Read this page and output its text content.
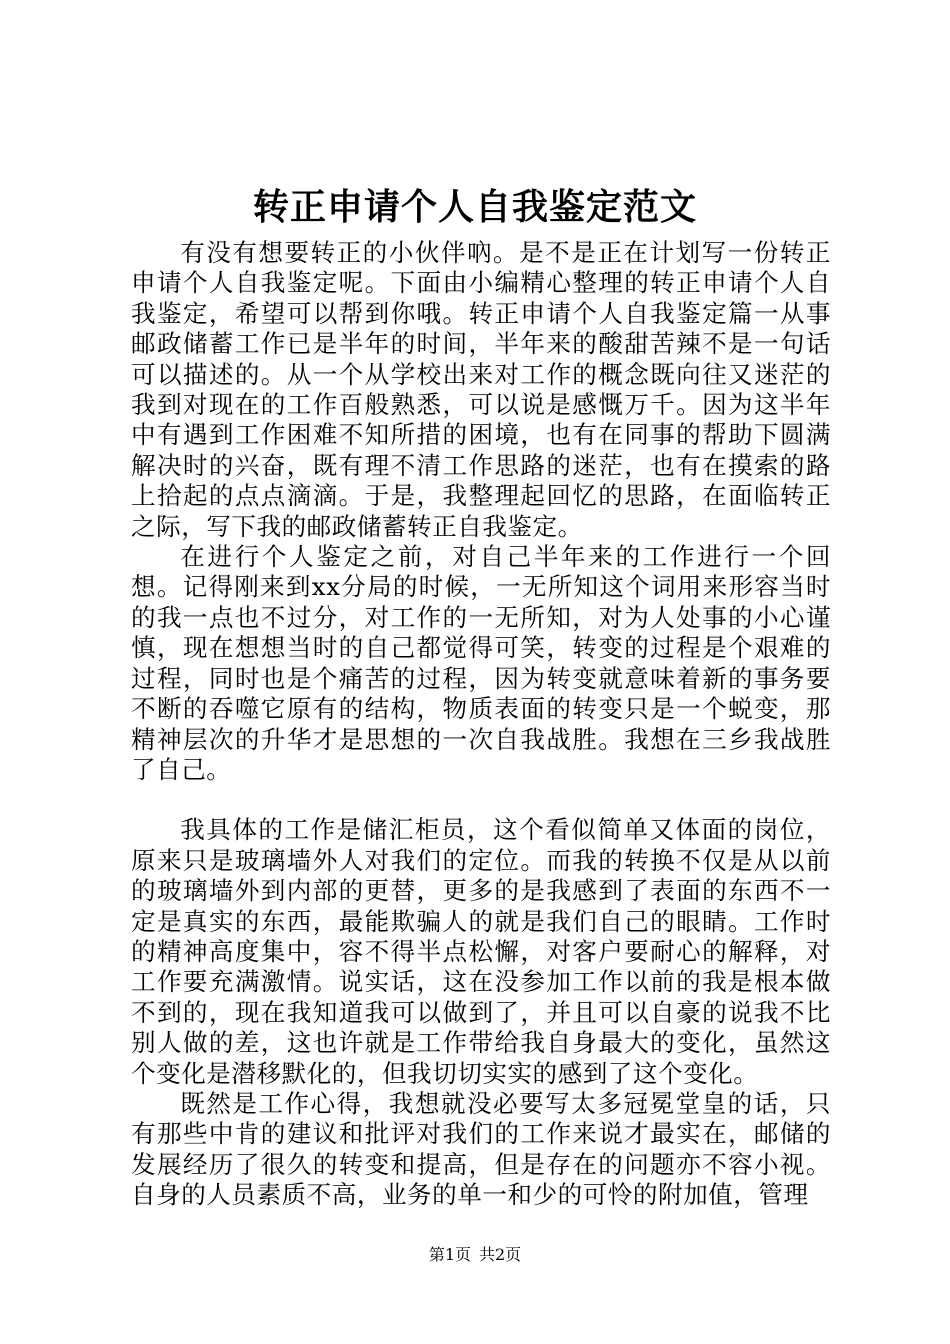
转正申请个人自我鉴定范文

有没有想要转正的小伙伴吶。是不是正在计划写一份转正申请个人自我鉴定呢。下面由小编精心整理的转正申请个人自我鉴定，希望可以帮到你哦。转正申请个人自我鉴定篇一从事邮政储蓄工作已是半年的时间，半年来的酸甜苦辣不是一句话可以描述的。从一个从学校出来对工作的概念既向往又迷茫的我到对现在的工作百般熟悉，可以说是感慨万千。因为这半年中有遇到工作困难不知所措的困境，也有在同事的帮助下圆满解决时的兴奋，既有理不清工作思路的迷茫，也有在摸索的路上拾起的点点滴滴。于是，我整理起回忆的思路，在面临转正之际，写下我的邮政储蓄转正自我鉴定。

在进行个人鉴定之前，对自己半年来的工作进行一个回想。记得刚来到xx分局的时候，一无所知这个词用来形容当时的我一点也不过分，对工作的一无所知，对为人处事的小心谨慎，现在想想当时的自己都觉得可笑，转变的过程是个艰难的过程，同时也是个痛苦的过程，因为转变就意味着新的事务要不断的吞噬它原有的结构，物质表面的转变只是一个蜕变，那精神层次的升华才是思想的一次自我战胜。我想在三乡我战胜了自己。

我具体的工作是储汇柜员，这个看似简单又体面的岗位，原来只是玻璃墙外人对我们的定位。而我的转换不仅是从以前的玻璃墙外到内部的更替，更多的是我感到了表面的东西不一定是真实的东西，最能欺骗人的就是我们自己的眼睛。工作时的精神高度集中，容不得半点松懈，对客户要耐心的解释，对工作要充满激情。说实话，这在没参加工作以前的我是根本做不到的，现在我知道我可以做到了，并且可以自豪的说我不比别人做的差，这也许就是工作带给我自身最大的变化，虽然这个变化是潜移默化的，但我切切实实的感到了这个变化。

既然是工作心得，我想就没必要写太多冠冕堂皇的话，只有那些中肯的建议和批评对我们的工作来说才最实在，邮储的发展经历了很久的转变和提高，但是存在的问题亦不容小视。自身的人员素质不高，业务的单一和少的可怜的附加值，管理

第1页 共2页
